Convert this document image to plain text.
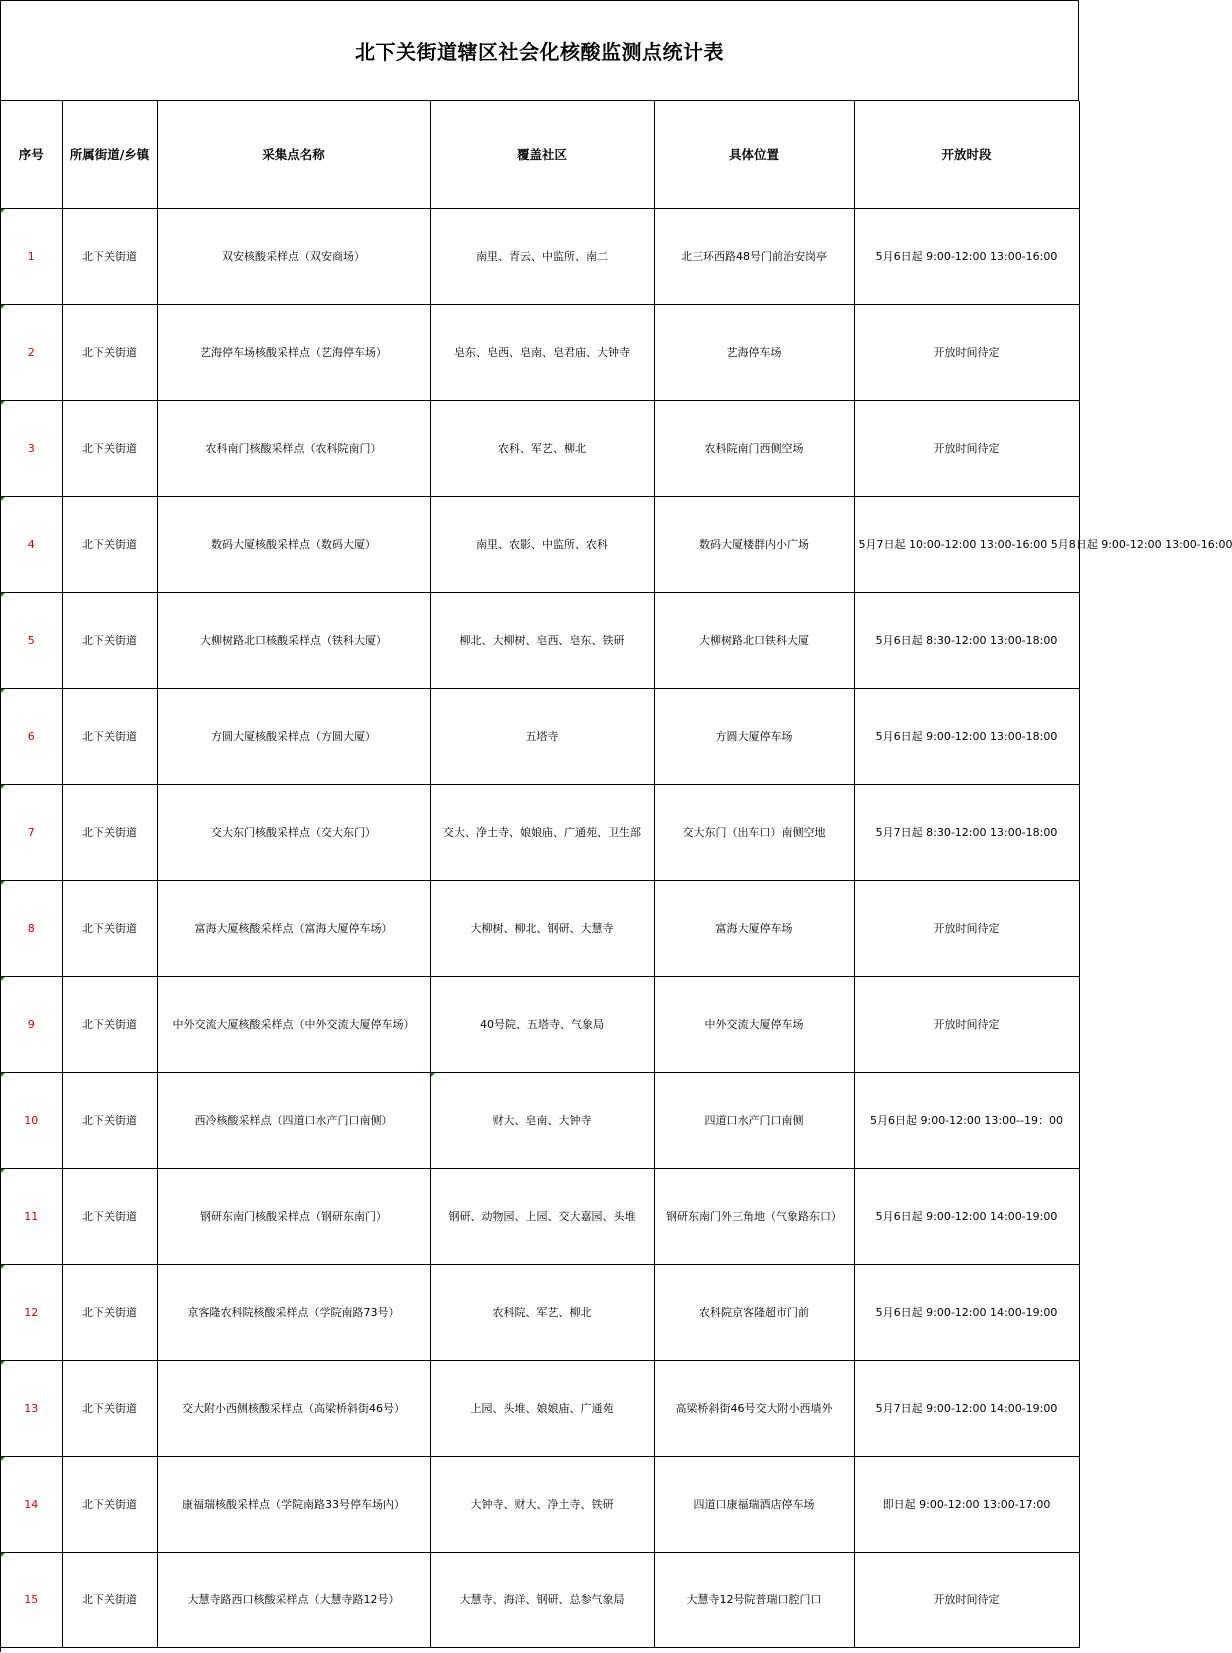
北下关街道辖区社会化核酸监测点统计表
序号	所属街道/乡镇	采集点名称	覆盖社区	具体位置	开放时段
1	北下关街道	双安核酸采样点（双安商场）	南里、青云、中监所、南二	北三环西路48号门前治安岗亭	5月6日起 9:00-12:00 13:00-16:00
2	北下关街道	艺海停车场核酸采样点（艺海停车场）	皂东、皂西、皂南、皂君庙、大钟寺	艺海停车场	开放时间待定
3	北下关街道	农科南门核酸采样点（农科院南门）	农科、军艺、柳北	农科院南门西侧空场	开放时间待定
4	北下关街道	数码大厦核酸采样点（数码大厦）	南里、农影、中监所、农科	数码大厦楼群内小广场	5月7日起 10:00-12:00 13:00-16:00 5月8日起 9:00-12:00 13:00-16:00
5	北下关街道	大柳树路北口核酸采样点（铁科大厦）	柳北、大柳树、皂西、皂东、铁研	大柳树路北口铁科大厦	5月6日起 8:30-12:00 13:00-18:00
6	北下关街道	方圆大厦核酸采样点（方圆大厦）	五塔寺	方圆大厦停车场	5月6日起 9:00-12:00 13:00-18:00
7	北下关街道	交大东门核酸采样点（交大东门）	交大、净土寺、娘娘庙、广通苑、卫生部	交大东门（出车口）南侧空地	5月7日起 8:30-12:00 13:00-18:00
8	北下关街道	富海大厦核酸采样点（富海大厦停车场）	大柳树、柳北、钢研、大慧寺	富海大厦停车场	开放时间待定
9	北下关街道	中外交流大厦核酸采样点（中外交流大厦停车场）	40号院、五塔寺、气象局	中外交流大厦停车场	开放时间待定
10	北下关街道	西冷核酸采样点（四道口水产门口南侧）	财大、皂南、大钟寺	四道口水产门口南侧	5月6日起 9:00-12:00 13:00--19：00
11	北下关街道	钢研东南门核酸采样点（钢研东南门）	钢研、动物园、上园、交大嘉园、头堆	钢研东南门外三角地（气象路东口）	5月6日起 9:00-12:00 14:00-19:00
12	北下关街道	京客隆农科院核酸采样点（学院南路73号）	农科院、军艺、柳北	农科院京客隆超市门前	5月6日起 9:00-12:00 14:00-19:00
13	北下关街道	交大附小西侧核酸采样点（高梁桥斜街46号）	上园、头堆、娘娘庙、广通苑	高梁桥斜街46号交大附小西墙外	5月7日起 9:00-12:00 14:00-19:00
14	北下关街道	康福瑞核酸采样点（学院南路33号停车场内）	大钟寺、财大、净土寺、铁研	四道口康福瑞酒店停车场	即日起 9:00-12:00 13:00-17:00
15	北下关街道	大慧寺路西口核酸采样点（大慧寺路12号）	大慧寺、海洋、钢研、总参气象局	大慧寺12号院普瑞口腔门口	开放时间待定
